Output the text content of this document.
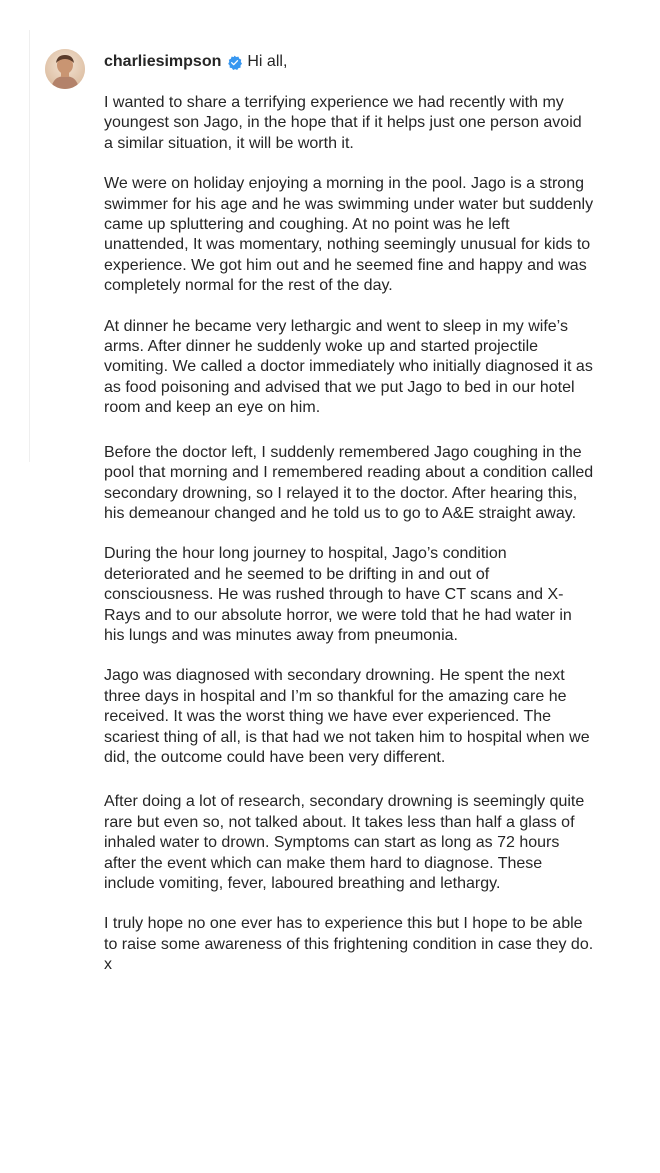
charliesimpson Hi all,

I wanted to share a terrifying experience we had recently with my youngest son Jago, in the hope that if it helps just one person avoid a similar situation, it will be worth it.

We were on holiday enjoying a morning in the pool. Jago is a strong swimmer for his age and he was swimming under water but suddenly came up spluttering and coughing. At no point was he left unattended, It was momentary, nothing seemingly unusual for kids to experience. We got him out and he seemed fine and happy and was completely normal for the rest of the day.

At dinner he became very lethargic and went to sleep in my wife’s arms. After dinner he suddenly woke up and started projectile vomiting. We called a doctor immediately who initially diagnosed it as as food poisoning and advised that we put Jago to bed in our hotel room and keep an eye on him.

Before the doctor left, I suddenly remembered Jago coughing in the pool that morning and I remembered reading about a condition called secondary drowning, so I relayed it to the doctor. After hearing this, his demeanour changed and he told us to go to A&E straight away.

During the hour long journey to hospital, Jago’s condition deteriorated and he seemed to be drifting in and out of consciousness. He was rushed through to have CT scans and X-Rays and to our absolute horror, we were told that he had water in his lungs and was minutes away from pneumonia.

Jago was diagnosed with secondary drowning. He spent the next three days in hospital and I’m so thankful for the amazing care he received. It was the worst thing we have ever experienced. The scariest thing of all, is that had we not taken him to hospital when we did, the outcome could have been very different.

After doing a lot of research, secondary drowning is seemingly quite rare but even so, not talked about. It takes less than half a glass of inhaled water to drown. Symptoms can start as long as 72 hours after the event which can make them hard to diagnose. These include vomiting, fever, laboured breathing and lethargy.

I truly hope no one ever has to experience this but I hope to be able to raise some awareness of this frightening condition in case they do. x
